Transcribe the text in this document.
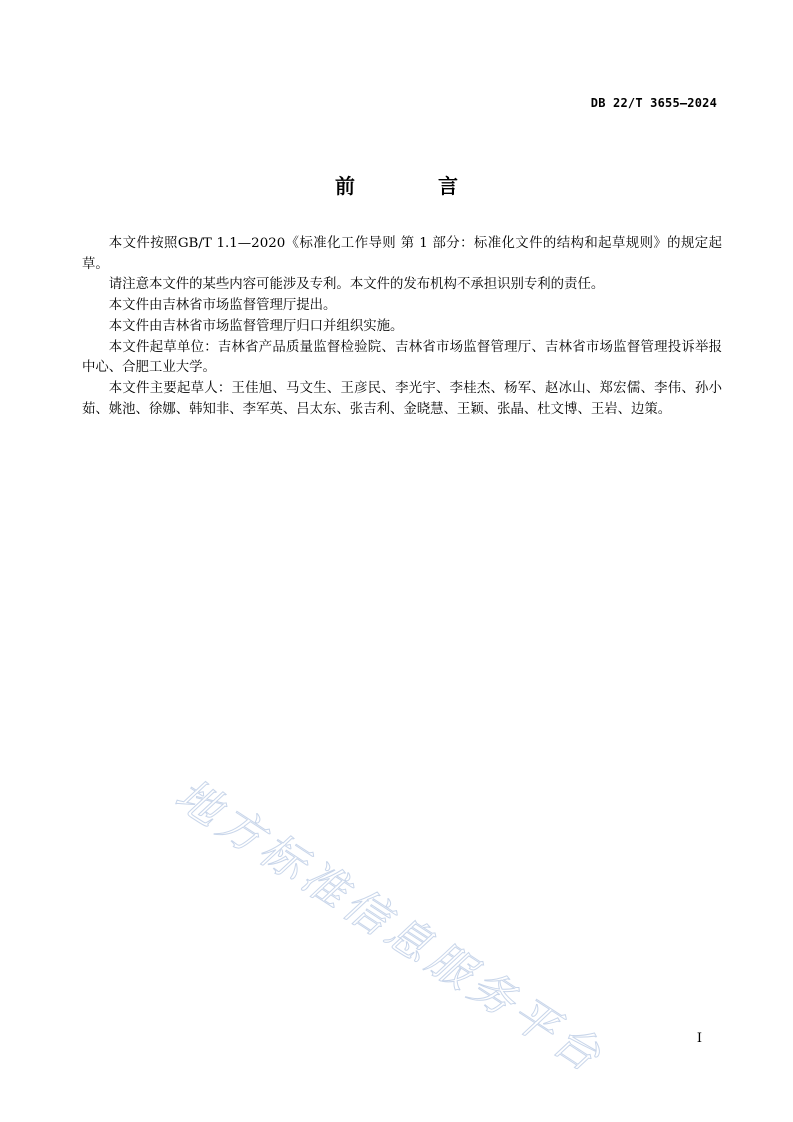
DB 22/T 3655—2024
前 言

本文件按照GB/T 1.1—2020《标准化工作导则 第 1 部分：标准化文件的结构和起草规则》的规定起草。

请注意本文件的某些内容可能涉及专利。本文件的发布机构不承担识别专利的责任。

本文件由吉林省市场监督管理厅提出。

本文件由吉林省市场监督管理厅归口并组织实施。

本文件起草单位：吉林省产品质量监督检验院、吉林省市场监督管理厅、吉林省市场监督管理投诉举报中心、合肥工业大学。

本文件主要起草人：王佳旭、马文生、王彦民、李光宇、李桂杰、杨军、赵冰山、郑宏儒、李伟、孙小茹、姚池、徐娜、韩知非、李军英、吕太东、张吉利、金晓慧、王颖、张晶、杜文博、王岩、边策。

地方标准信息服务平台	I
